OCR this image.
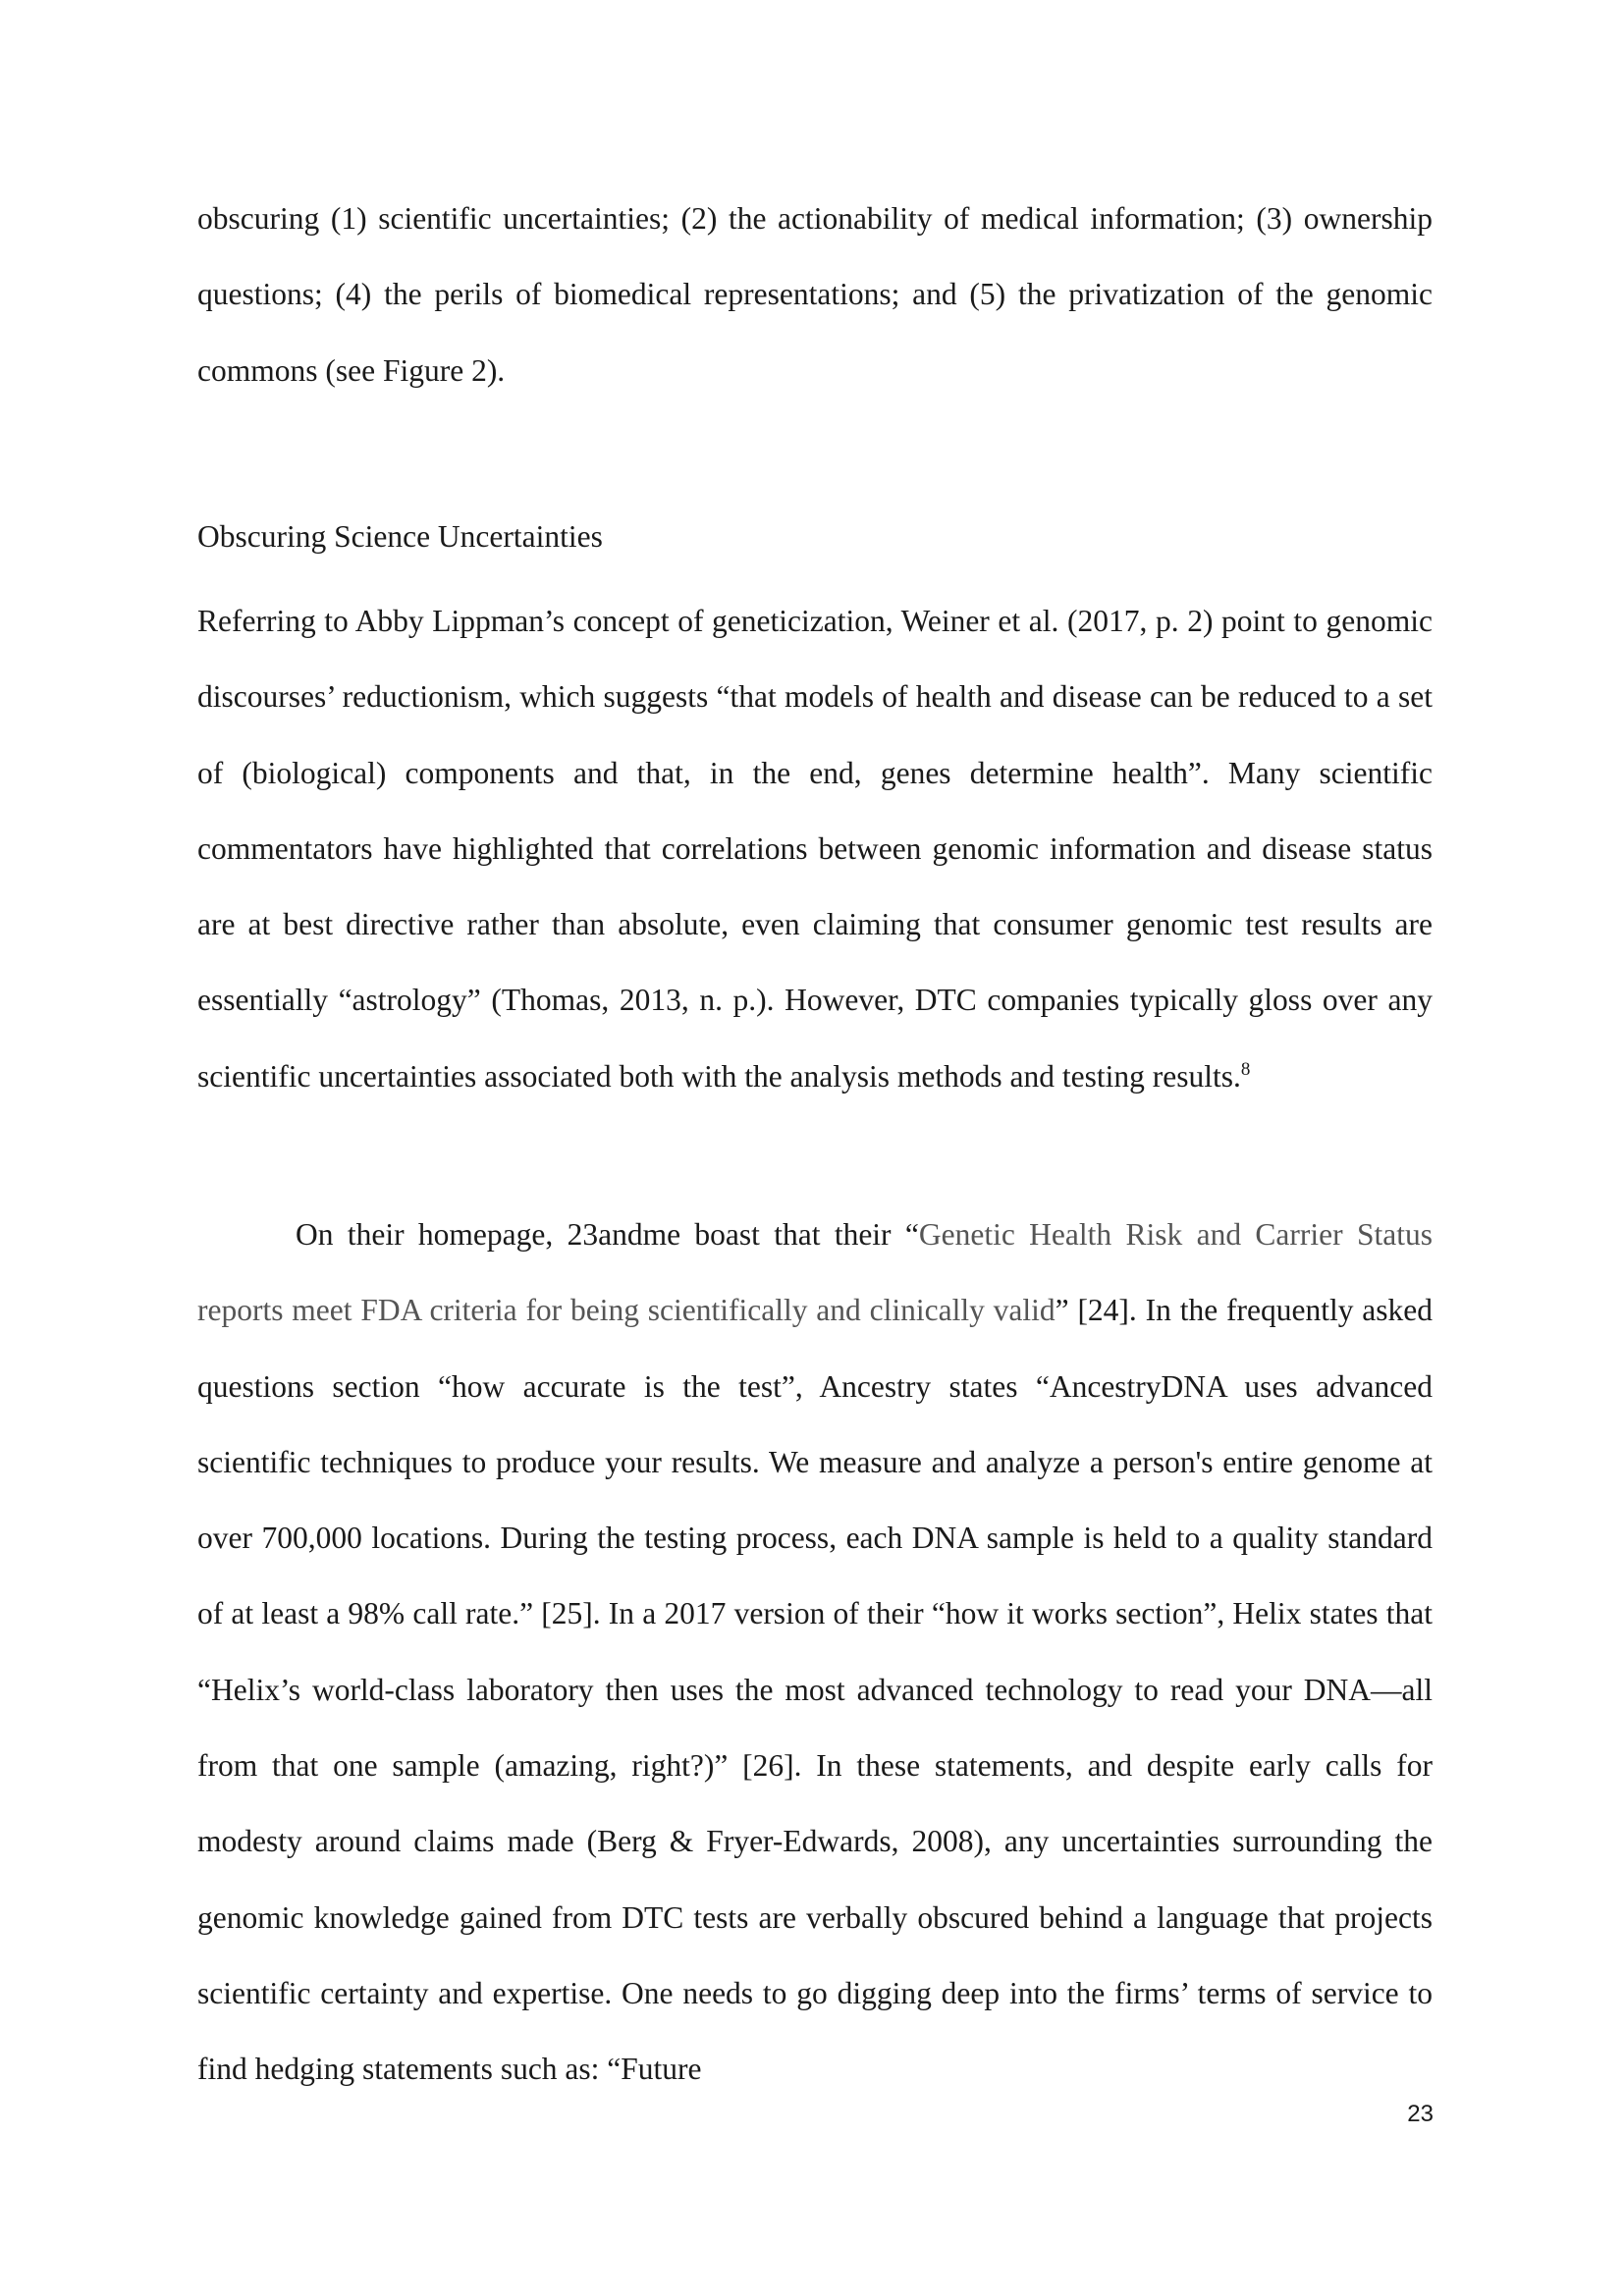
obscuring (1) scientific uncertainties; (2) the actionability of medical information; (3) ownership questions; (4) the perils of biomedical representations; and (5) the privatization of the genomic commons (see Figure 2).

Obscuring Science Uncertainties

Referring to Abby Lippman’s concept of geneticization, Weiner et al. (2017, p. 2) point to genomic discourses’ reductionism, which suggests “that models of health and disease can be reduced to a set of (biological) components and that, in the end, genes determine health”. Many scientific commentators have highlighted that correlations between genomic information and disease status are at best directive rather than absolute, even claiming that consumer genomic test results are essentially “astrology” (Thomas, 2013, n. p.). However, DTC companies typically gloss over any scientific uncertainties associated both with the analysis methods and testing results.$^8$

On their homepage, 23andme boast that their “Genetic Health Risk and Carrier Status reports meet FDA criteria for being scientifically and clinically valid” [24]. In the frequently asked questions section “how accurate is the test”, Ancestry states “AncestryDNA uses advanced scientific techniques to produce your results. We measure and analyze a person's entire genome at over 700,000 locations. During the testing process, each DNA sample is held to a quality standard of at least a 98% call rate.” [25]. In a 2017 version of their “how it works section”, Helix states that “Helix’s world-class laboratory then uses the most advanced technology to read your DNA—all from that one sample (amazing, right?)” [26]. In these statements, and despite early calls for modesty around claims made (Berg & Fryer-Edwards, 2008), any uncertainties surrounding the genomic knowledge gained from DTC tests are verbally obscured behind a language that projects scientific certainty and expertise. One needs to go digging deep into the firms’ terms of service to find hedging statements such as: “Future

23
